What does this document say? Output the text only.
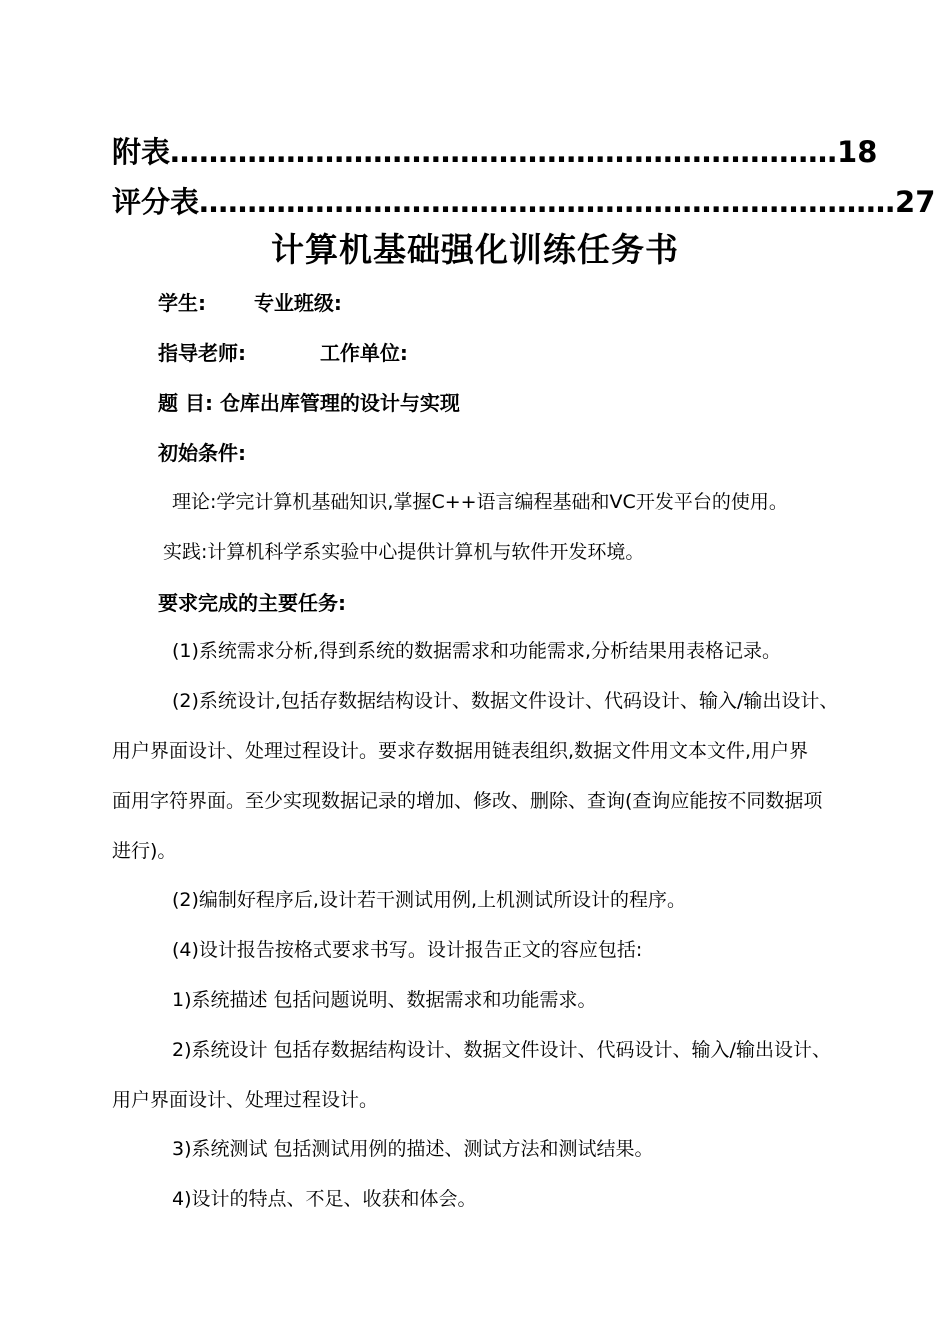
附表 …………………………………………………………… 18
评分表 ……………………………………………………………… 27
计算机基础强化训练任务书
学生: 专业班级:
指导老师:	工作单位:
题 目: 仓库出库管理的设计与实现
初始条件:
理论:学完计算机基础知识,掌握C++语言编程基础和VC开发平台的使用。
实践:计算机科学系实验中心提供计算机与软件开发环境。
要求完成的主要任务:
(1)系统需求分析,得到系统的数据需求和功能需求,分析结果用表格记录。
(2)系统设计,包括存数据结构设计、数据文件设计、代码设计、输入/输出设计、
用户界面设计、处理过程设计。要求存数据用链表组织,数据文件用文本文件,用户界
面用字符界面。至少实现数据记录的增加、修改、删除、查询(查询应能按不同数据项
进行)。
(2)编制好程序后,设计若干测试用例,上机测试所设计的程序。
(4)设计报告按格式要求书写。设计报告正文的容应包括:
1)系统描述 包括问题说明、数据需求和功能需求。
2)系统设计 包括存数据结构设计、数据文件设计、代码设计、输入/输出设计、
用户界面设计、处理过程设计。
3)系统测试 包括测试用例的描述、测试方法和测试结果。
4)设计的特点、不足、收获和体会。
